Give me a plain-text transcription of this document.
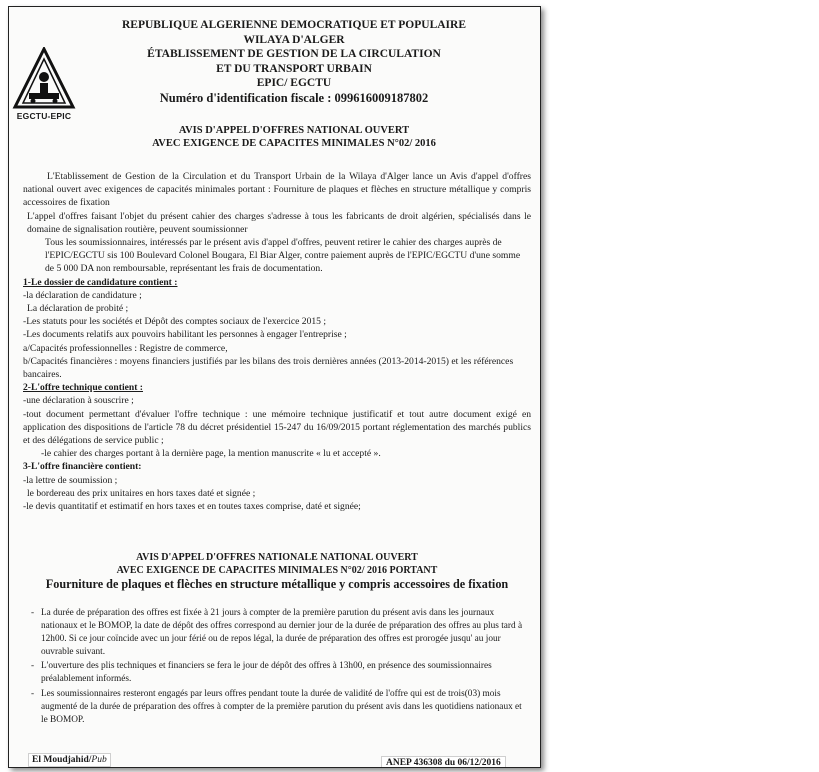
EGCTU-EPIC
REPUBLIQUE ALGERIENNE DEMOCRATIQUE ET POPULAIRE
WILAYA D'ALGER
ÉTABLISSEMENT DE GESTION DE LA CIRCULATION
ET DU TRANSPORT URBAIN
EPIC/ EGCTU
Numéro d'identification fiscale : 099616009187802
AVIS D'APPEL D'OFFRES NATIONAL OUVERT
AVEC EXIGENCE DE CAPACITES MINIMALES N°02/ 2016
L'Etablissement de Gestion de la Circulation et du Transport Urbain de la Wilaya d'Alger lance un Avis d'appel d'offres national ouvert avec exigences de capacités minimales portant : Fourniture de plaques et flèches en structure métallique y compris accessoires de fixation
L'appel d'offres faisant l'objet du présent cahier des charges s'adresse à tous les fabricants de droit algérien, spécialisés dans le domaine de signalisation routière, peuvent soumissionner
Tous les soumissionnaires, intéressés par le présent avis d'appel d'offres, peuvent retirer le cahier des charges auprès de l'EPIC/EGCTU sis 100 Boulevard Colonel Bougara, El Biar Alger, contre paiement auprès de l'EPIC/EGCTU d'une somme de 5 000 DA non remboursable, représentant les frais de documentation.
1-Le dossier de candidature contient :
-la déclaration de candidature ;
La déclaration de probité ;
-Les statuts pour les sociétés et Dépôt des comptes sociaux de l'exercice 2015 ;
-Les documents relatifs aux pouvoirs habilitant les personnes à engager l'entreprise ;
a/Capacités professionnelles : Registre de commerce,
b/Capacités financières : moyens financiers justifiés par les bilans des trois dernières années (2013-2014-2015) et les références bancaires.
2-L'offre technique contient :
-une déclaration à souscrire ;
-tout document permettant d'évaluer l'offre technique : une mémoire technique justificatif et tout autre document exigé en application des dispositions de l'article 78 du décret présidentiel 15-247 du 16/09/2015 portant réglementation des marchés publics et des délégations de service public ;
-le cahier des charges portant à la dernière page, la mention manuscrite « lu et accepté ».
3-L'offre financière contient:
-la lettre de soumission ;
le bordereau des prix unitaires en hors taxes daté et signée ;
-le devis quantitatif et estimatif en hors taxes et en toutes taxes comprise, daté et signée;
AVIS D'APPEL D'OFFRES NATIONALE NATIONAL OUVERT
AVEC EXIGENCE DE CAPACITES MINIMALES N°02/ 2016 PORTANT
Fourniture de plaques et flèches en structure métallique y compris accessoires de fixation
- La durée de préparation des offres est fixée à 21 jours à compter de la première parution du présent avis dans les journaux nationaux et le BOMOP, la date de dépôt des offres correspond au dernier jour de la durée de préparation des offres au plus tard à 12h00. Si ce jour coïncide avec un jour férié ou de repos légal, la durée de préparation des offres est prorogée jusqu' au jour ouvrable suivant.
- L'ouverture des plis techniques et financiers se fera le jour de dépôt des offres à 13h00, en présence des soumissionnaires préalablement informés.
- Les soumissionnaires resteront engagés par leurs offres pendant toute la durée de validité de l'offre qui est de trois(03) mois augmenté de la durée de préparation des offres à compter de la première parution du présent avis dans les quotidiens nationaux et le BOMOP.
El Moudjahid/Pub	ANEP 436308 du 06/12/2016
